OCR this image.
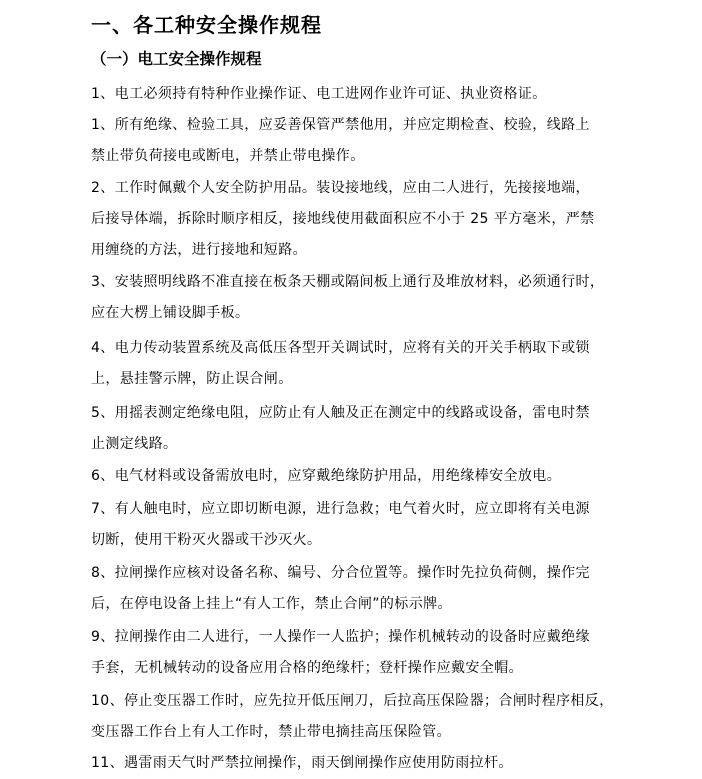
一、各工种安全操作规程
（一）电工安全操作规程
1、电工必须持有特种作业操作证、电工进网作业许可证、执业资格证。
1、所有绝缘、检验工具，应妥善保管严禁他用，并应定期检查、校验，线路上
禁止带负荷接电或断电，并禁止带电操作。
2、工作时佩戴个人安全防护用品。装设接地线，应由二人进行，先接接地端，
后接导体端，拆除时顺序相反，接地线使用截面积应不小于 25 平方毫米，严禁
用缠绕的方法，进行接地和短路。
3、安装照明线路不准直接在板条天棚或隔间板上通行及堆放材料，必须通行时，
应在大楞上铺设脚手板。
4、电力传动装置系统及高低压各型开关调试时，应将有关的开关手柄取下或锁
上，悬挂警示牌，防止误合闸。
5、用摇表测定绝缘电阻，应防止有人触及正在测定中的线路或设备，雷电时禁
止测定线路。
6、电气材料或设备需放电时，应穿戴绝缘防护用品，用绝缘棒安全放电。
7、有人触电时，应立即切断电源，进行急救；电气着火时，应立即将有关电源
切断，使用干粉灭火器或干沙灭火。
8、拉闸操作应核对设备名称、编号、分合位置等。操作时先拉负荷侧，操作完
后，在停电设备上挂上“有人工作，禁止合闸”的标示牌。
9、拉闸操作由二人进行，一人操作一人监护；操作机械转动的设备时应戴绝缘
手套，无机械转动的设备应用合格的绝缘杆；登杆操作应戴安全帽。
10、停止变压器工作时，应先拉开低压闸刀，后拉高压保险器；合闸时程序相反，
变压器工作台上有人工作时，禁止带电摘挂高压保险管。
11、遇雷雨天气时严禁拉闸操作，雨天倒闸操作应使用防雨拉杆。
